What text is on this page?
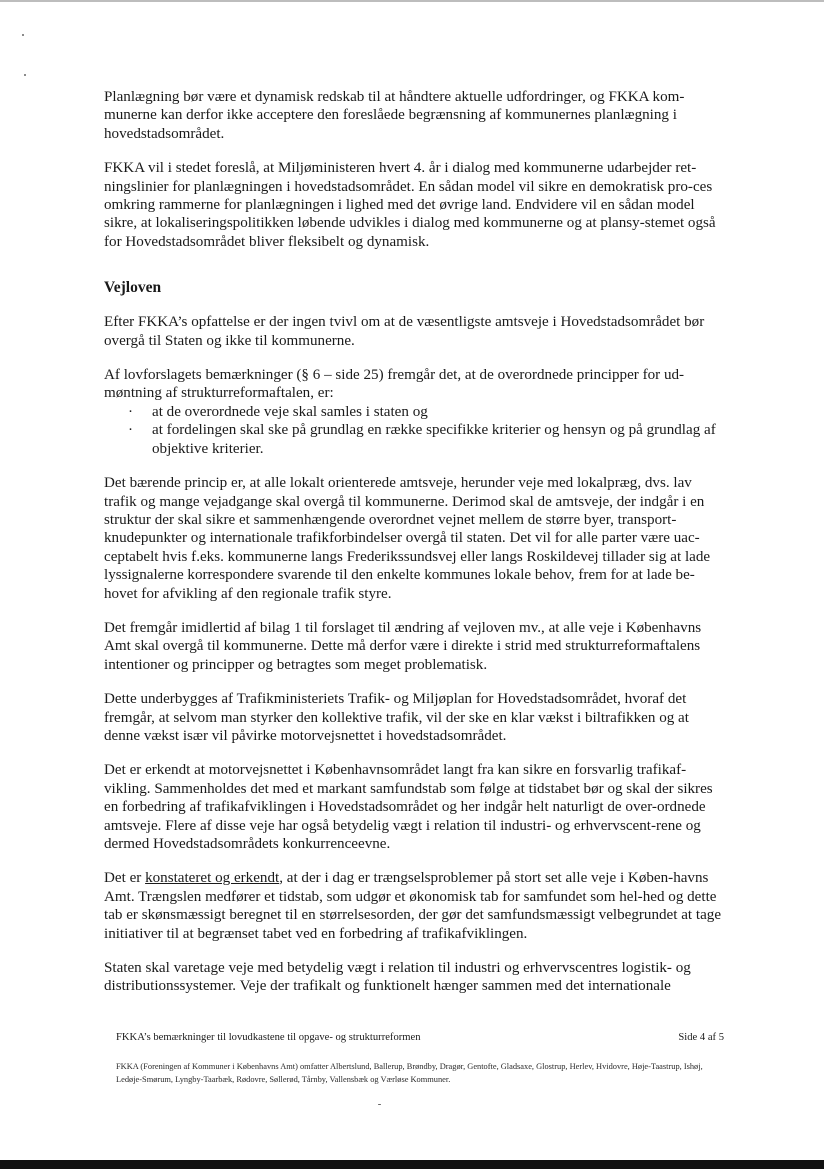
Planlægning bør være et dynamisk redskab til at håndtere aktuelle udfordringer, og FKKA kom-munerne kan derfor ikke acceptere den foreslåede begrænsning af kommunernes planlægning i hovedstadsområdet.

FKKA vil i stedet foreslå, at Miljøministeren hvert 4. år i dialog med kommunerne udarbejder ret-ningslinier for planlægningen i hovedstadsområdet. En sådan model vil sikre en demokratisk pro-ces omkring rammerne for planlægningen i lighed med det øvrige land. Endvidere vil en sådan model sikre, at lokaliseringspolitikken løbende udvikles i dialog med kommunerne og at plansy-stemet også for Hovedstadsområdet bliver fleksibelt og dynamisk.

Vejloven

Efter FKKA’s opfattelse er der ingen tvivl om at de væsentligste amtsveje i Hovedstadsområdet bør overgå til Staten og ikke til kommunerne.

Af lovforslagets bemærkninger (§ 6 – side 25) fremgår det, at de overordnede principper for ud-møntning af strukturreformaftalen, er:

· at de overordnede veje skal samles i staten og
· at fordelingen skal ske på grundlag en række specifikke kriterier og hensyn og på grundlag af objektive kriterier.

Det bærende princip er, at alle lokalt orienterede amtsveje, herunder veje med lokalpræg, dvs. lav trafik og mange vejadgange skal overgå til kommunerne. Derimod skal de amtsveje, der indgår i en struktur der skal sikre et sammenhængende overordnet vejnet mellem de større byer, transport-knudepunkter og internationale trafikforbindelser overgå til staten. Det vil for alle parter være uac-ceptabelt hvis f.eks. kommunerne langs Frederikssundsvej eller langs Roskildevej tillader sig at lade lyssignalerne korrespondere svarende til den enkelte kommunes lokale behov, frem for at lade be-hovet for afvikling af den regionale trafik styre.

Det fremgår imidlertid af bilag 1 til forslaget til ændring af vejloven mv., at alle veje i Københavns Amt skal overgå til kommunerne. Dette må derfor være i direkte i strid med strukturreformaftalens intentioner og principper og betragtes som meget problematisk.

Dette underbygges af Trafikministeriets Trafik- og Miljøplan for Hovedstadsområdet, hvoraf det fremgår, at selvom man styrker den kollektive trafik, vil der ske en klar vækst i biltrafikken og at denne vækst især vil påvirke motorvejsnettet i hovedstadsområdet.

Det er erkendt at motorvejsnettet i Københavnsområdet langt fra kan sikre en forsvarlig trafikaf-vikling. Sammenholdes det med et markant samfundstab som følge at tidstabet bør og skal der sikres en forbedring af trafikafviklingen i Hovedstadsområdet og her indgår helt naturligt de over-ordnede amtsveje. Flere af disse veje har også betydelig vægt i relation til industri- og erhvervscent-rene og dermed Hovedstadsområdets konkurrenceevne.

Det er konstateret og erkendt, at der i dag er trængselsproblemer på stort set alle veje i Køben-havns Amt. Trængslen medfører et tidstab, som udgør et økonomisk tab for samfundet som hel-hed og dette tab er skønsmæssigt beregnet til en størrelsesorden, der gør det samfundsmæssigt velbegrundet at tage initiativer til at begrænset tabet ved en forbedring af trafikafviklingen.

Staten skal varetage veje med betydelig vægt i relation til industri og erhvervscentres logistik- og distributionssystemer. Veje der trafikalt og funktionelt hænger sammen med det internationale

FKKA’s bemærkninger til lovudkastene til opgave- og strukturreformen	Side 4 af 5
FKKA (Foreningen af Kommuner i Københavns Amt) omfatter Albertslund, Ballerup, Brøndby, Dragør, Gentofte, Gladsaxe, Glostrup, Herlev, Hvidovre, Høje-Taastrup, Ishøj, Ledøje-Smørum, Lyngby-Taarbæk, Rødovre, Søllerød, Tårnby, Vallensbæk og Værløse Kommuner.
